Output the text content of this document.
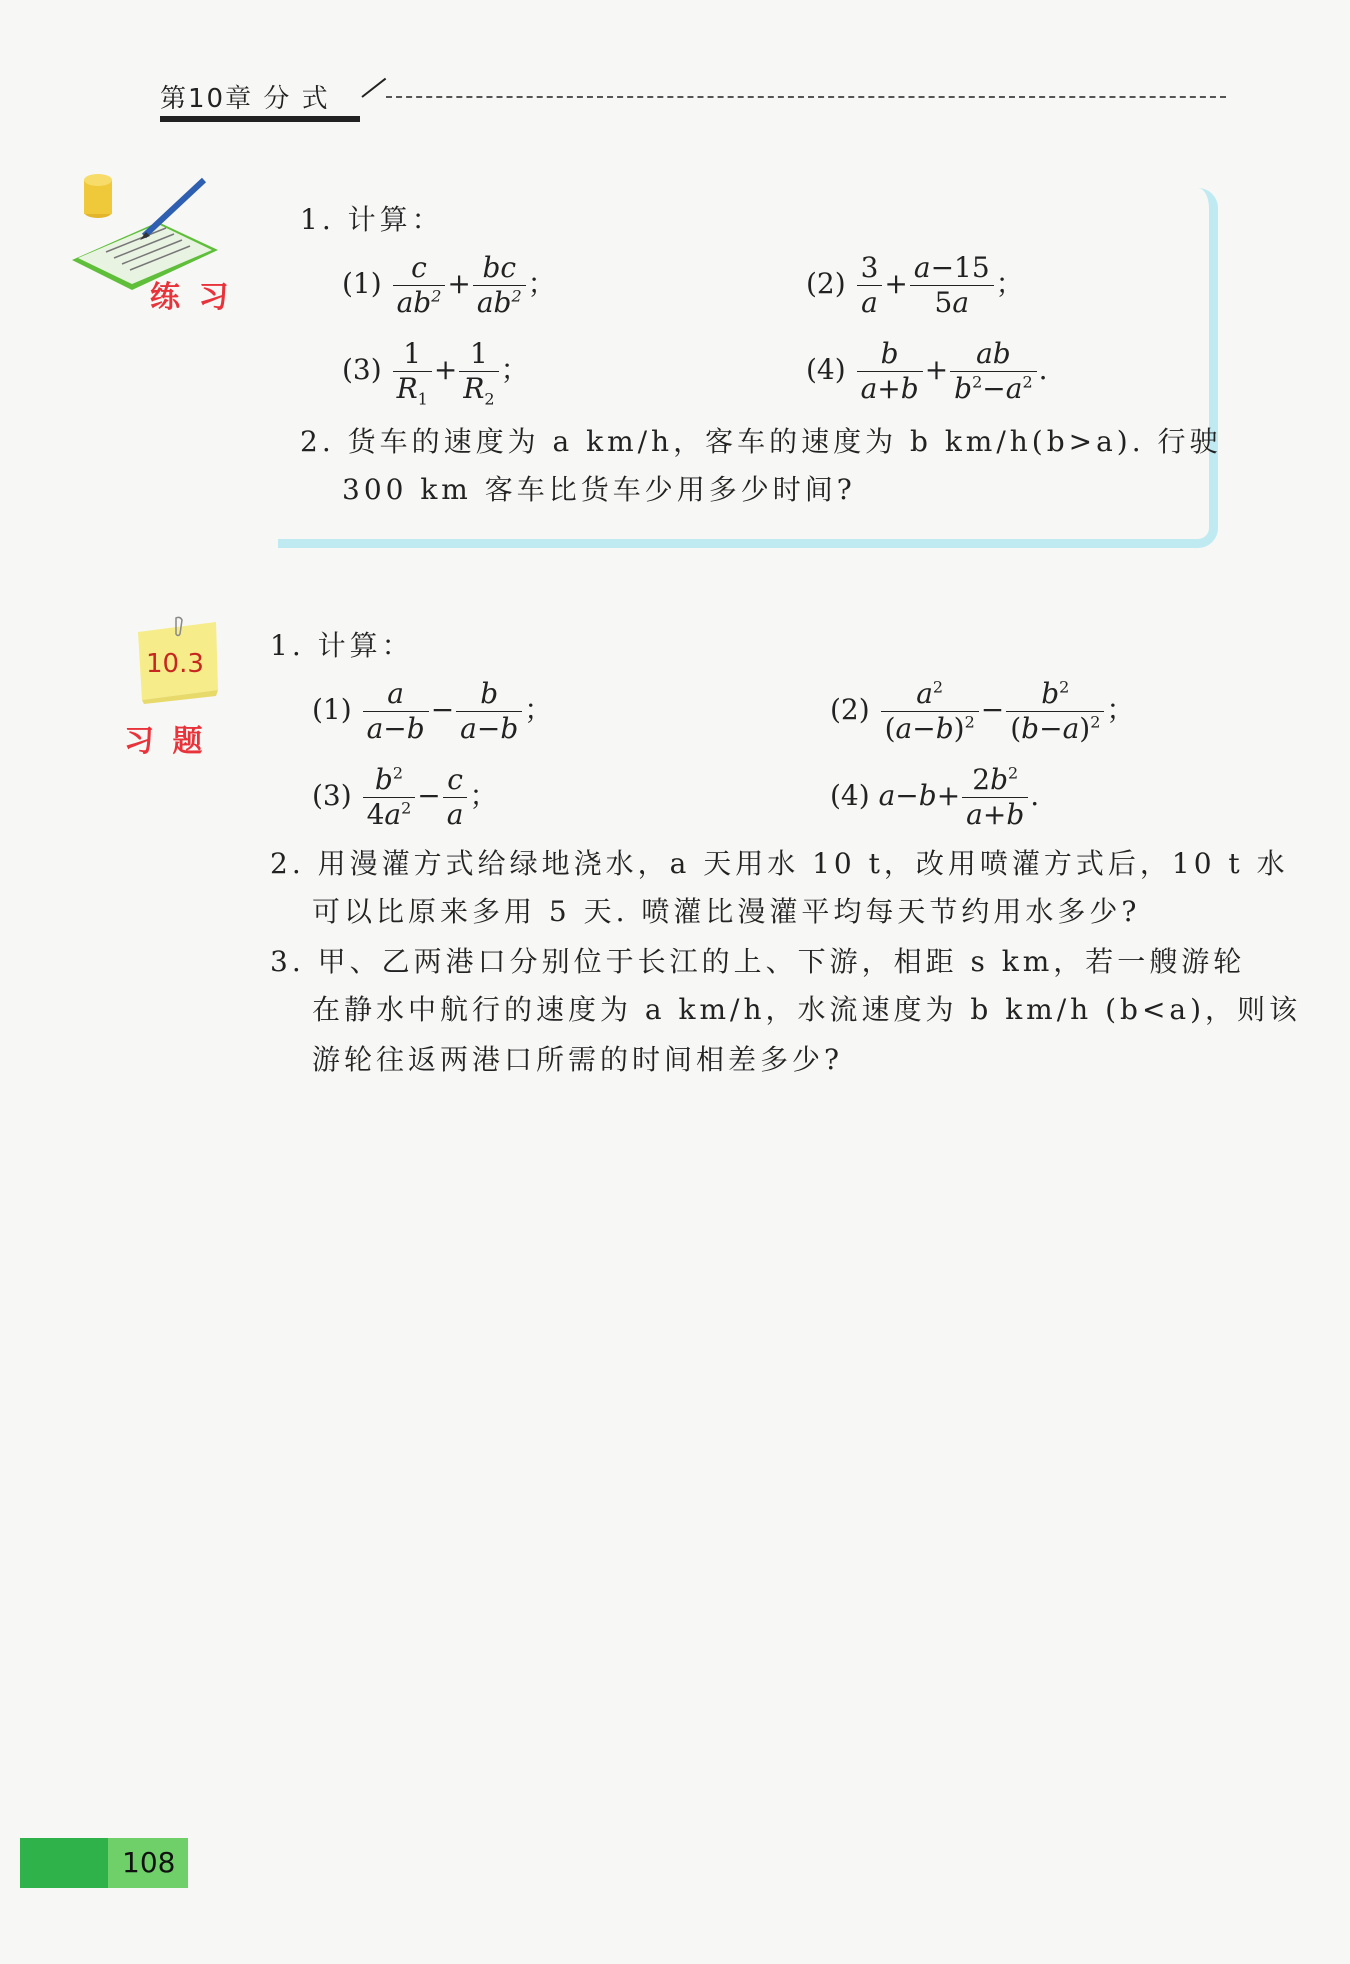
第10章 分 式
练 习
1. 计算：
$(1) \frac{c}{ab^2} + \frac{bc}{ab^2}$ ；	$(2) \frac{3}{a} + \frac{a-15}{5a}$ ；
$(3) \frac{1}{R_1} + \frac{1}{R_2}$ ；	$(4) \frac{b}{a+b} + \frac{ab}{b^2-a^2}$ .
2. 货车的速度为 a km/h，客车的速度为 b km/h(b>a). 行驶
300 km 客车比货车少用多少时间?
10.3
习 题
1. 计算：
$(1) \frac{a}{a-b} - \frac{b}{a-b}$ ；	$(2) \frac{a^2}{(a-b)^2} - \frac{b^2}{(b-a)^2}$ ；
$(3) \frac{b^2}{4a^2} - \frac{c}{a}$ ；	(4) $a-b+ \frac{2b^2}{a+b}$ .
2. 用漫灌方式给绿地浇水，a 天用水 10 t，改用喷灌方式后，10 t 水
可以比原来多用 5 天. 喷灌比漫灌平均每天节约用水多少?
3. 甲、乙两港口分别位于长江的上、下游，相距 s km，若一艘游轮
在静水中航行的速度为 a km/h，水流速度为 b km/h (b<a)，则该
游轮往返两港口所需的时间相差多少?
108
